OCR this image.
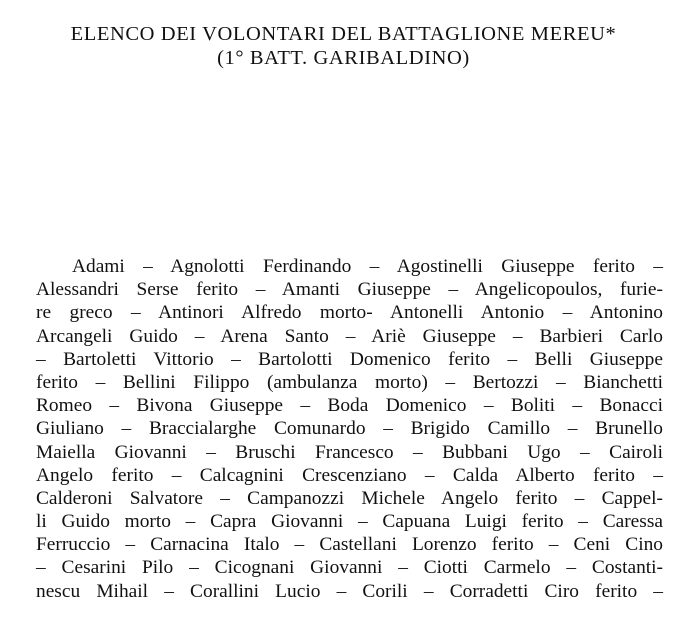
ELENCO DEI VOLONTARI DEL BATTAGLIONE MEREU*
(1° BATT. GARIBALDINO)
Adami – Agnolotti Ferdinando – Agostinelli Giuseppe ferito –
Alessandri Serse ferito – Amanti Giuseppe – Angelicopoulos, furie-
re greco – Antinori Alfredo morto- Antonelli Antonio – Antonino
Arcangeli Guido – Arena Santo – Ariè Giuseppe – Barbieri Carlo
– Bartoletti Vittorio – Bartolotti Domenico ferito – Belli Giuseppe
ferito – Bellini Filippo (ambulanza morto) – Bertozzi – Bianchetti
Romeo – Bivona Giuseppe – Boda Domenico – Boliti – Bonacci
Giuliano – Braccialarghe Comunardo – Brigido Camillo – Brunello
Maiella Giovanni – Bruschi Francesco – Bubbani Ugo – Cairoli
Angelo ferito – Calcagnini Crescenziano – Calda Alberto ferito –
Calderoni Salvatore – Campanozzi Michele Angelo ferito – Cappel-
li Guido morto – Capra Giovanni – Capuana Luigi ferito – Caressa
Ferruccio – Carnacina Italo – Castellani Lorenzo ferito – Ceni Cino
– Cesarini Pilo – Cicognani Giovanni – Ciotti Carmelo – Costanti-
nescu Mihail – Corallini Lucio – Corili – Corradetti Ciro ferito –
